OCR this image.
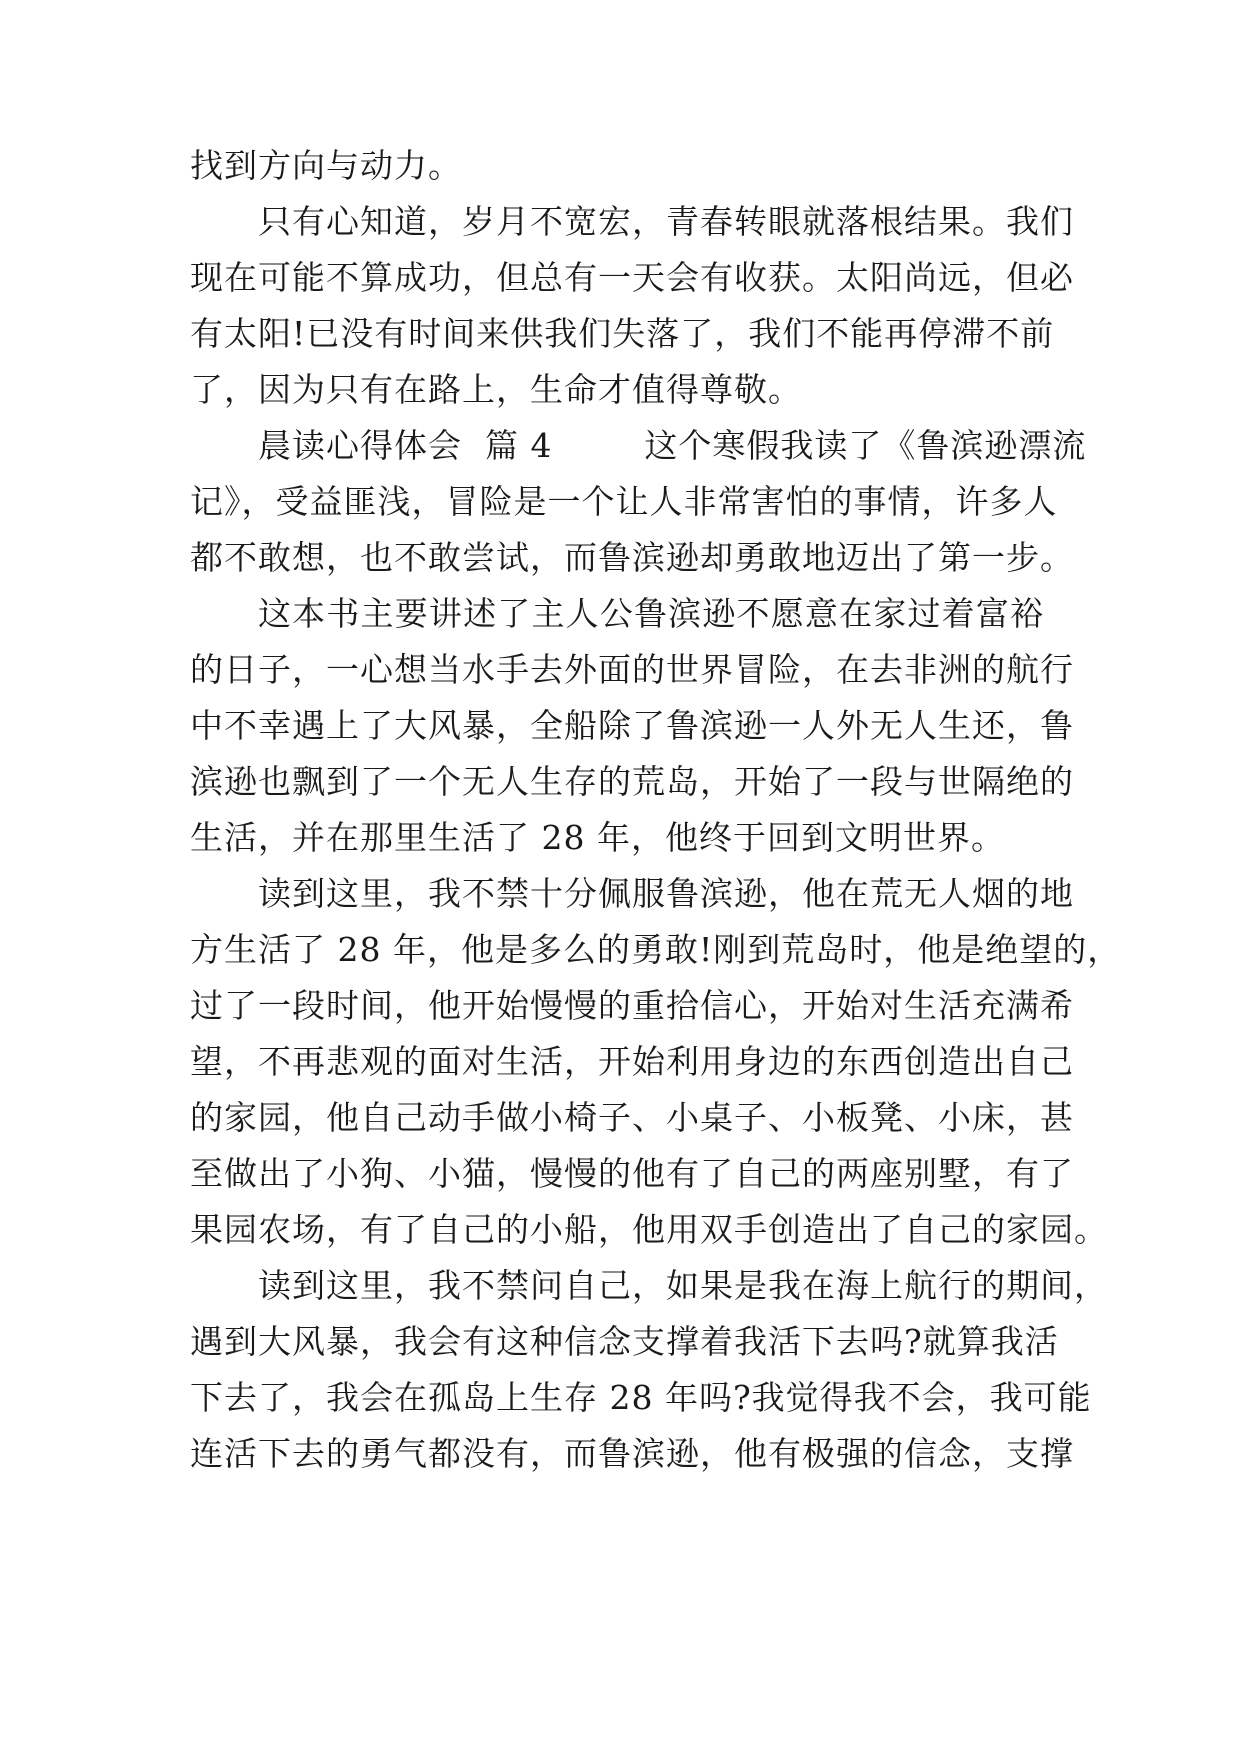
找到方向与动力。
只有心知道，岁月不宽宏，青春转眼就落根结果。我们
现在可能不算成功，但总有一天会有收获。太阳尚远，但必
有太阳!已没有时间来供我们失落了，我们不能再停滞不前
了，因为只有在路上，生命才值得尊敬。
晨读心得体会  篇 4        这个寒假我读了《鲁滨逊漂流
记》，受益匪浅，冒险是一个让人非常害怕的事情，许多人
都不敢想，也不敢尝试，而鲁滨逊却勇敢地迈出了第一步。
这本书主要讲述了主人公鲁滨逊不愿意在家过着富裕
的日子，一心想当水手去外面的世界冒险，在去非洲的航行
中不幸遇上了大风暴，全船除了鲁滨逊一人外无人生还，鲁
滨逊也飘到了一个无人生存的荒岛，开始了一段与世隔绝的
生活，并在那里生活了 28 年，他终于回到文明世界。
读到这里，我不禁十分佩服鲁滨逊，他在荒无人烟的地
方生活了 28 年，他是多么的勇敢!刚到荒岛时，他是绝望的，
过了一段时间，他开始慢慢的重拾信心，开始对生活充满希
望，不再悲观的面对生活，开始利用身边的东西创造出自己
的家园，他自己动手做小椅子、小桌子、小板凳、小床，甚
至做出了小狗、小猫，慢慢的他有了自己的两座别墅，有了
果园农场，有了自己的小船，他用双手创造出了自己的家园。
读到这里，我不禁问自己，如果是我在海上航行的期间，
遇到大风暴，我会有这种信念支撑着我活下去吗?就算我活
下去了，我会在孤岛上生存 28 年吗?我觉得我不会，我可能
连活下去的勇气都没有，而鲁滨逊，他有极强的信念，支撑
